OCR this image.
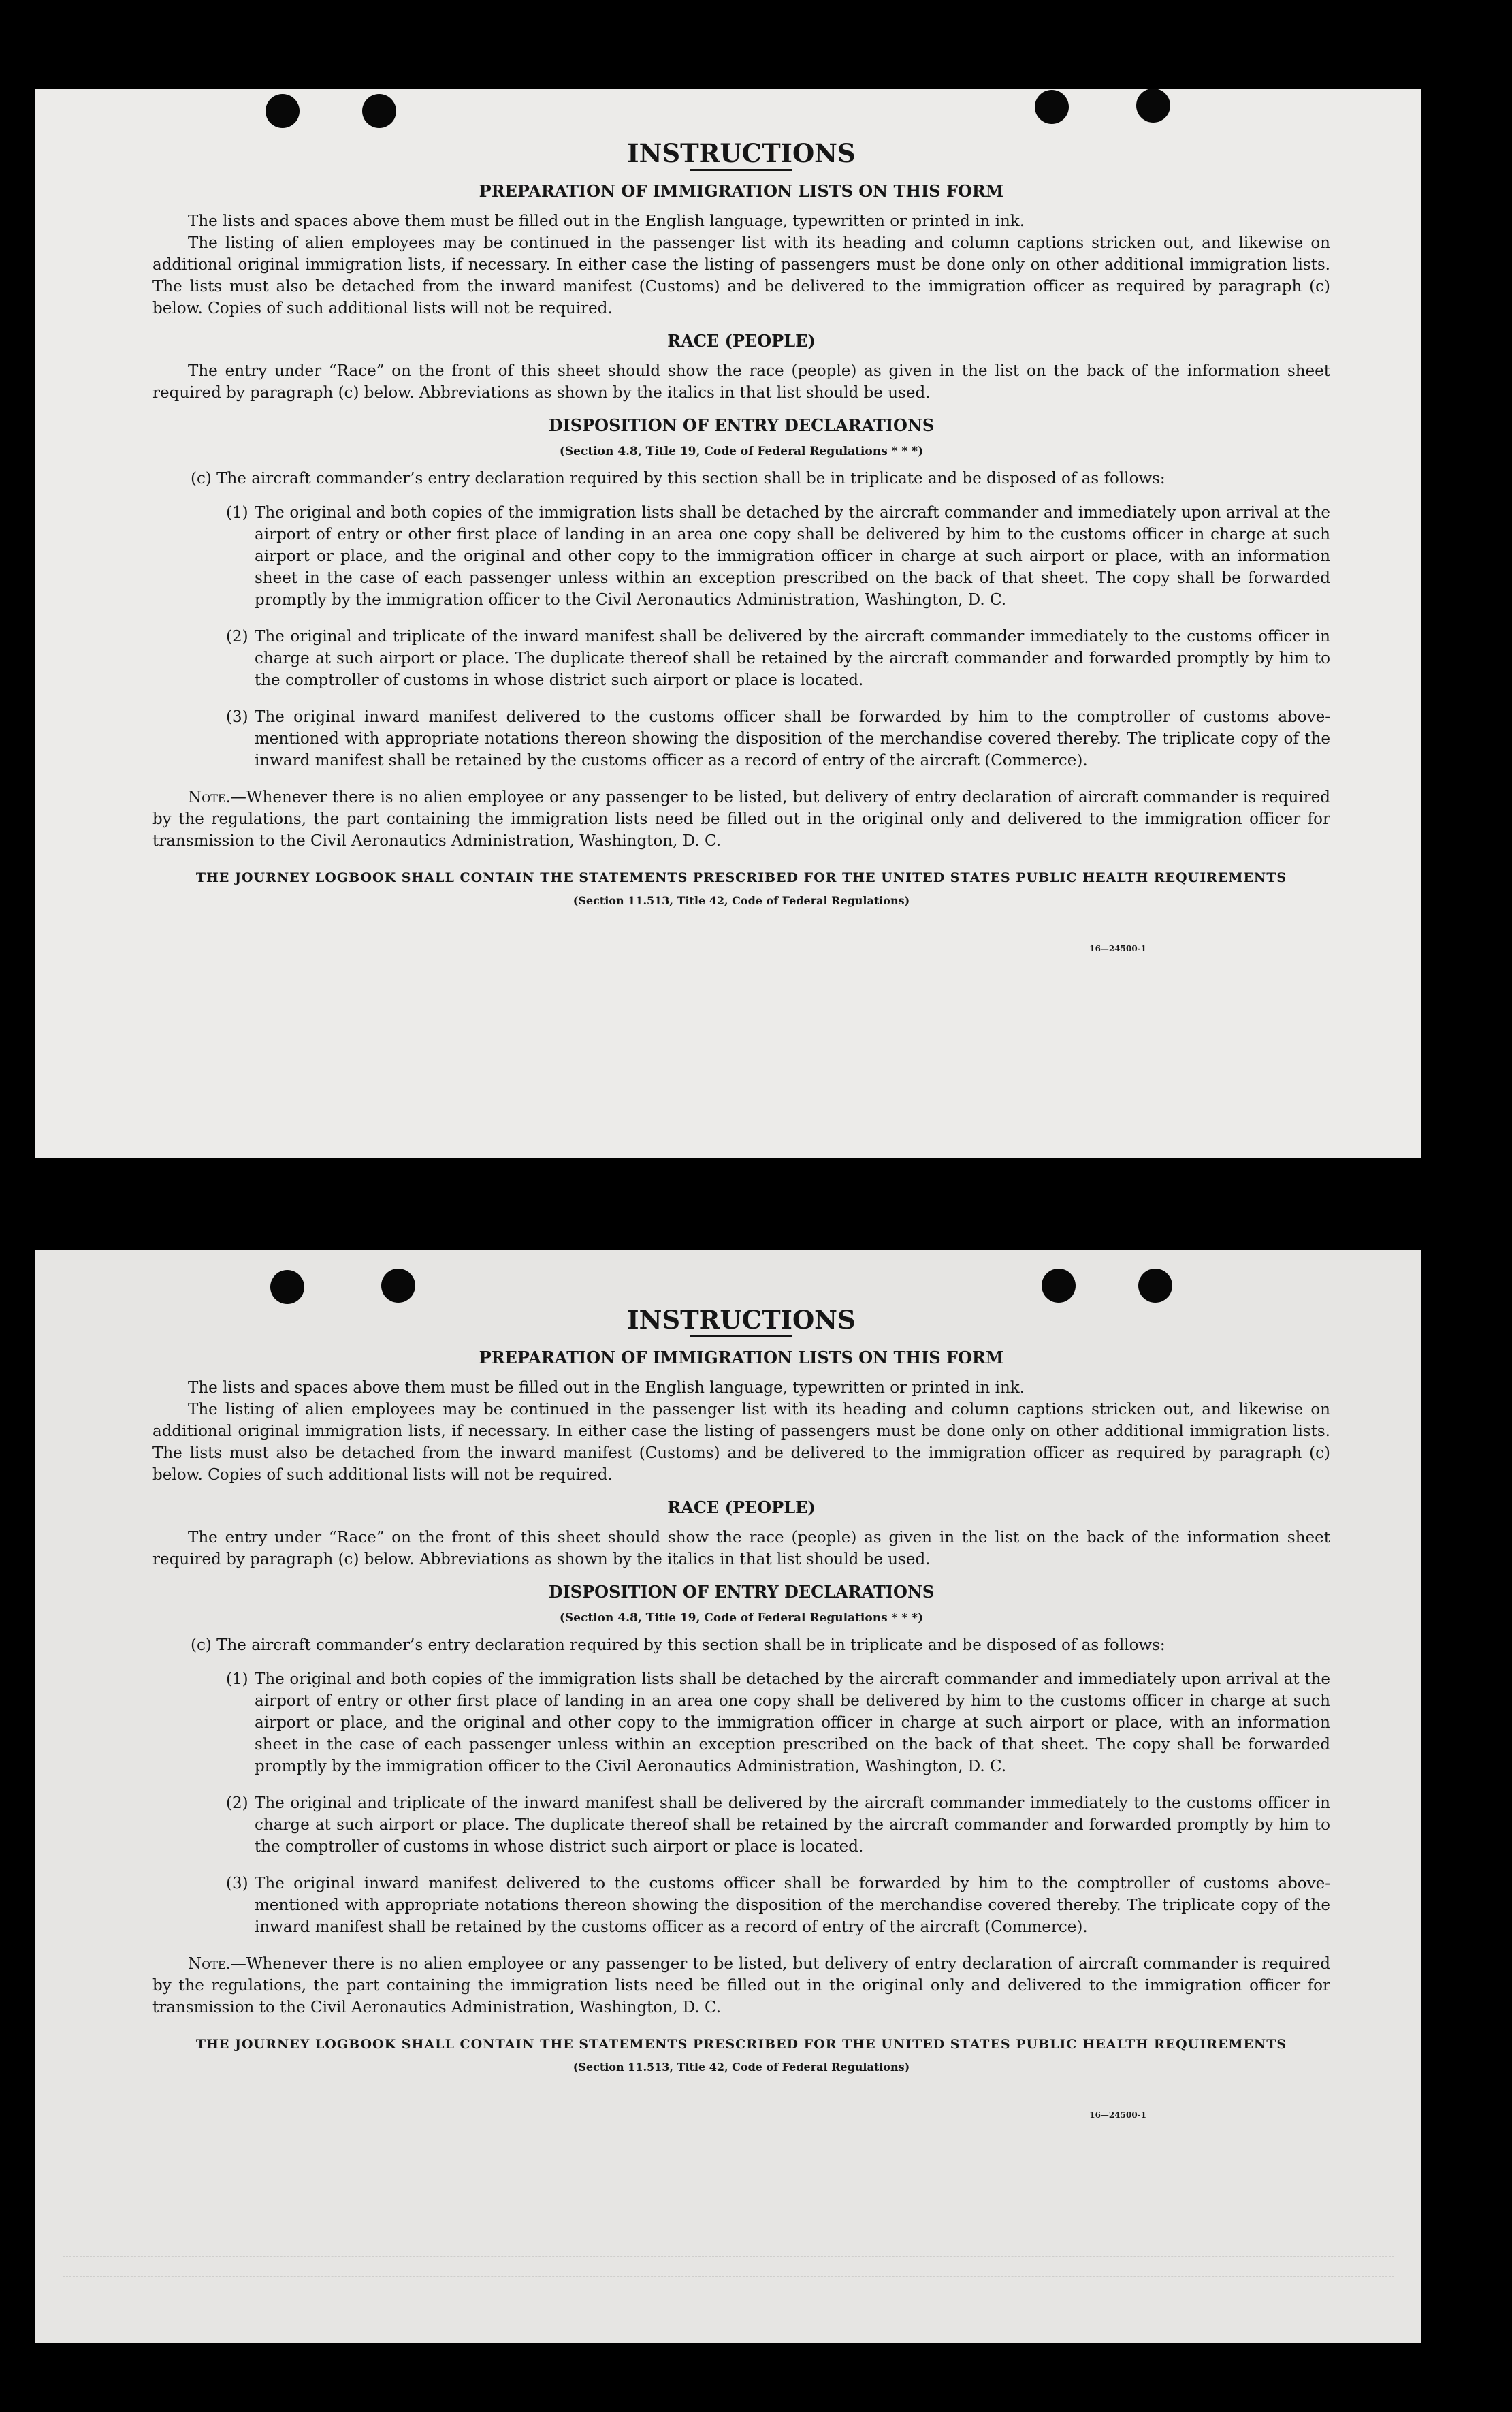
INSTRUCTIONS
PREPARATION OF IMMIGRATION LISTS ON THIS FORM

The lists and spaces above them must be filled out in the English language, typewritten or printed in ink.

The listing of alien employees may be continued in the passenger list with its heading and column captions stricken out, and likewise on additional original immigration lists, if necessary. In either case the listing of passengers must be done only on other additional immigration lists. The lists must also be detached from the inward manifest (Customs) and be delivered to the immigration officer as required by paragraph (c) below. Copies of such additional lists will not be required.

RACE (PEOPLE)

The entry under “Race” on the front of this sheet should show the race (people) as given in the list on the back of the information sheet required by paragraph (c) below. Abbreviations as shown by the italics in that list should be used.

DISPOSITION OF ENTRY DECLARATIONS
(Section 4.8, Title 19, Code of Federal Regulations * * *)

(c) The aircraft commander’s entry declaration required by this section shall be in triplicate and be disposed of as follows:

(1) The original and both copies of the immigration lists shall be detached by the aircraft commander and immediately upon arrival at the airport of entry or other first place of landing in an area one copy shall be delivered by him to the customs officer in charge at such airport or place, and the original and other copy to the immigration officer in charge at such airport or place, with an information sheet in the case of each passenger unless within an exception prescribed on the back of that sheet. The copy shall be forwarded promptly by the immigration officer to the Civil Aeronautics Administration, Washington, D. C.
(2) The original and triplicate of the inward manifest shall be delivered by the aircraft commander immediately to the customs officer in charge at such airport or place. The duplicate thereof shall be retained by the aircraft commander and forwarded promptly by him to the comptroller of customs in whose district such airport or place is located.
(3) The original inward manifest delivered to the customs officer shall be forwarded by him to the comptroller of customs above-mentioned with appropriate notations thereon showing the disposition of the merchandise covered thereby. The triplicate copy of the inward manifest shall be retained by the customs officer as a record of entry of the aircraft (Commerce).

Note.—Whenever there is no alien employee or any passenger to be listed, but delivery of entry declaration of aircraft commander is required by the regulations, the part containing the immigration lists need be filled out in the original only and delivered to the immigration officer for transmission to the Civil Aeronautics Administration, Washington, D. C.

THE JOURNEY LOGBOOK SHALL CONTAIN THE STATEMENTS PRESCRIBED FOR THE UNITED STATES PUBLIC HEALTH REQUIREMENTS
(Section 11.513, Title 42, Code of Federal Regulations)
16—24500-1
INSTRUCTIONS
PREPARATION OF IMMIGRATION LISTS ON THIS FORM

The lists and spaces above them must be filled out in the English language, typewritten or printed in ink.

The listing of alien employees may be continued in the passenger list with its heading and column captions stricken out, and likewise on additional original immigration lists, if necessary. In either case the listing of passengers must be done only on other additional immigration lists. The lists must also be detached from the inward manifest (Customs) and be delivered to the immigration officer as required by paragraph (c) below. Copies of such additional lists will not be required.

RACE (PEOPLE)

The entry under “Race” on the front of this sheet should show the race (people) as given in the list on the back of the information sheet required by paragraph (c) below. Abbreviations as shown by the italics in that list should be used.

DISPOSITION OF ENTRY DECLARATIONS
(Section 4.8, Title 19, Code of Federal Regulations * * *)

(c) The aircraft commander’s entry declaration required by this section shall be in triplicate and be disposed of as follows:

(1) The original and both copies of the immigration lists shall be detached by the aircraft commander and immediately upon arrival at the airport of entry or other first place of landing in an area one copy shall be delivered by him to the customs officer in charge at such airport or place, and the original and other copy to the immigration officer in charge at such airport or place, with an information sheet in the case of each passenger unless within an exception prescribed on the back of that sheet. The copy shall be forwarded promptly by the immigration officer to the Civil Aeronautics Administration, Washington, D. C.
(2) The original and triplicate of the inward manifest shall be delivered by the aircraft commander immediately to the customs officer in charge at such airport or place. The duplicate thereof shall be retained by the aircraft commander and forwarded promptly by him to the comptroller of customs in whose district such airport or place is located.
(3) The original inward manifest delivered to the customs officer shall be forwarded by him to the comptroller of customs above-mentioned with appropriate notations thereon showing the disposition of the merchandise covered thereby. The triplicate copy of the inward manifest shall be retained by the customs officer as a record of entry of the aircraft (Commerce).

Note.—Whenever there is no alien employee or any passenger to be listed, but delivery of entry declaration of aircraft commander is required by the regulations, the part containing the immigration lists need be filled out in the original only and delivered to the immigration officer for transmission to the Civil Aeronautics Administration, Washington, D. C.

THE JOURNEY LOGBOOK SHALL CONTAIN THE STATEMENTS PRESCRIBED FOR THE UNITED STATES PUBLIC HEALTH REQUIREMENTS
(Section 11.513, Title 42, Code of Federal Regulations)
16—24500-1
